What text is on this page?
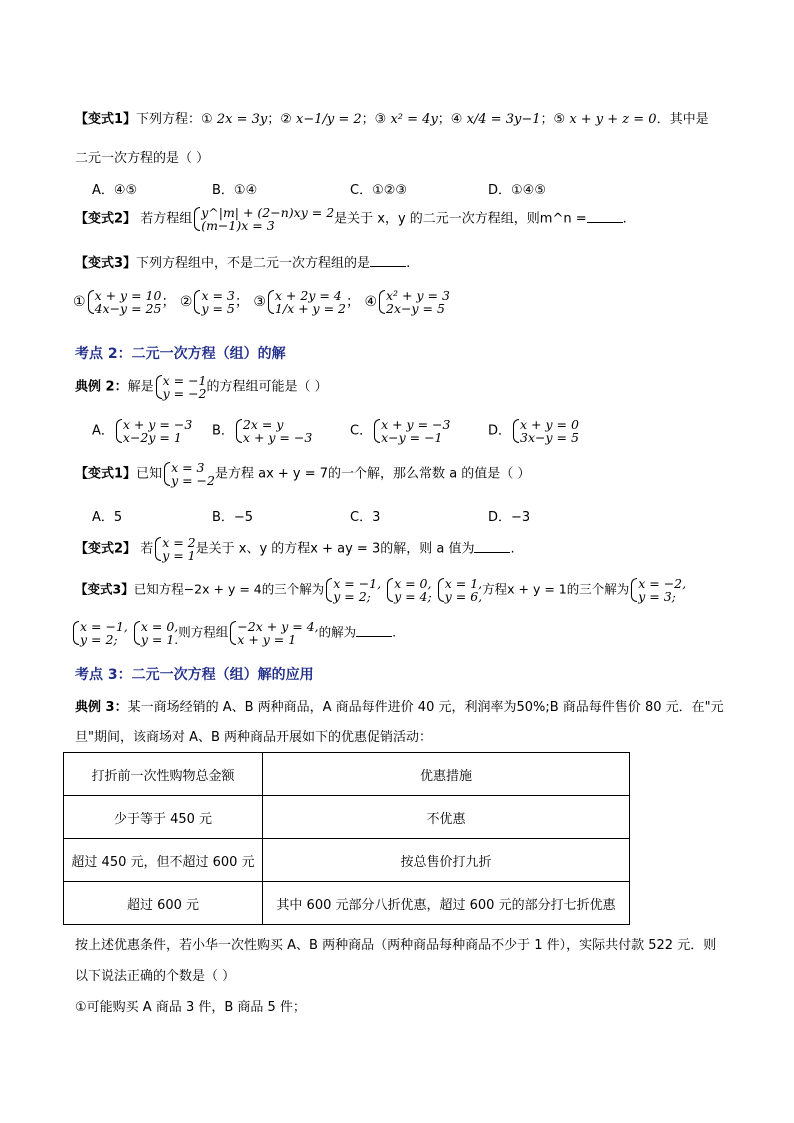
【变式1】下列方程：① 2x = 3y；② x−1/y = 2；③ x² = 4y；④ x/4 = 3y−1；⑤ x + y + z = 0．其中是
二元一次方程的是（ ）
A．④⑤	B．①④	C．①②③	D．①④⑤
【变式2】 若方程组 y^|m| + (2−n)xy = 2
(m−1)x = 3	是关于 x，y 的二元一次方程组，则m^n =	.
【变式3】下列方程组中，不是二元一次方程组的是	.
① x + y = 10
4x−y = 25 ； ② x = 3
y = 5 ； ③ x + 2y = 4
1/x + y = 2 ； ④ x² + y = 3
2x−y = 5
考点 2：二元一次方程（组）的解
典例 2：解是 x = −1
y = −2 的方程组可能是（ ）
A． x + y = −3
x−2y = 1	B． 2x = y
x + y = −3	C． x + y = −3
x−y = −1	D． x + y = 0
3x−y = 5
【变式1】已知 x = 3
y = −2 是方程 ax + y = 7的一个解，那么常数 a 的值是（ ）
A．5	B．−5	C．3	D．−3
【变式2】 若 x = 2
y = 1 是关于 x、y 的方程x + ay = 3的解，则 a 值为	.
【变式3】已知方程−2x + y = 4的三个解为 x = −1,
y = 2;

x = 0,
y = 4;

x = 1,
y = 6, 方程x + y = 1的三个解为 x = −2,
y = 3;
x = −1,
y = 2;

x = 0,
y = 1. 则方程组 −2x + y = 4,
x + y = 1	的解为	.
考点 3：二元一次方程（组）解的应用
典例 3：某一商场经销的 A、B 两种商品，A 商品每件进价 40 元，利润率为50%;B 商品每件售价 80 元．在"元
旦"期间，该商场对 A、B 两种商品开展如下的优惠促销活动：
打折前一次性购物总金额	优惠措施
少于等于 450 元	不优惠
超过 450 元，但不超过 600 元	按总售价打九折
超过 600 元	其中 600 元部分八折优惠，超过 600 元的部分打七折优惠
按上述优惠条件，若小华一次性购买 A、B 两种商品（两种商品每种商品不少于 1 件），实际共付款 522 元．则
以下说法正确的个数是（ ）
①可能购买 A 商品 3 件，B 商品 5 件；
